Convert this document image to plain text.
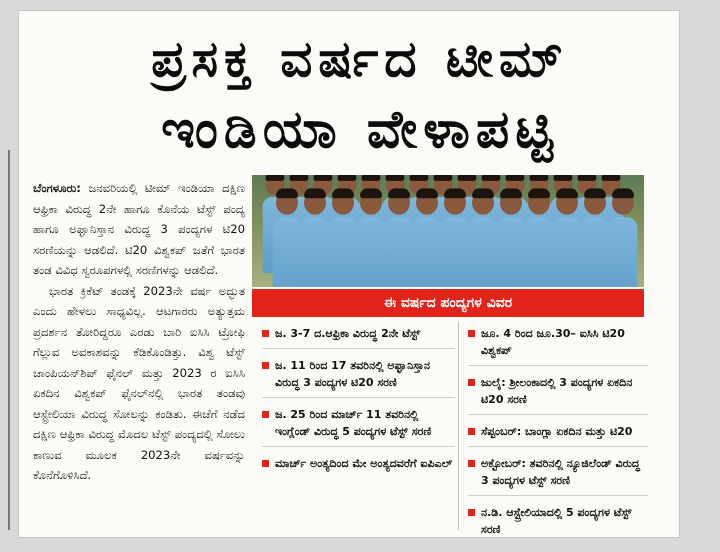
ಪ್ರಸಕ್ತ ವರ್ಷದ ಟೀಮ್
ಇಂಡಿಯಾ ವೇಳಾಪಟ್ಟಿ

ಬೆಂಗಳೂರು: ಜನವರಿಯಲ್ಲಿ ಟೀಮ್ ಇಂಡಿಯಾ ದಕ್ಷಿಣ ಆಫ್ರಿಕಾ ವಿರುದ್ಧ 2ನೇ ಹಾಗೂ ಕೊನೆಯ ಟೆಸ್ಟ್ ಪಂದ್ಯ ಹಾಗೂ ಅಫ್ಘಾನಿಸ್ತಾನ ವಿರುದ್ಧ 3 ಪಂದ್ಯಗಳ ಟಿ20 ಸರಣಿಯನ್ನು ಆಡಲಿದೆ. ಟಿ20 ವಿಶ್ವಕಪ್ ಜತೆಗೆ ಭಾರತ ತಂಡ ವಿವಿಧ ಸ್ವರೂಪಗಳಲ್ಲಿ ಸರಣಿಗಳನ್ನು ಆಡಲಿದೆ.

ಭಾರತ ಕ್ರಿಕೆಟ್ ತಂಡಕ್ಕೆ 2023ನೇ ವರ್ಷ ಅದ್ಭುತ ಎಂದು ಹೇಳಲು ಸಾಧ್ಯವಿಲ್ಲ. ಆಟಗಾರರು ಅತ್ಯುತ್ತಮ ಪ್ರದರ್ಶನ ತೋರಿದ್ದರೂ ಎರಡು ಬಾರಿ ಐಸಿಸಿ ಟ್ರೋಫಿ ಗೆಲ್ಲುವ ಅವಕಾಶವನ್ನು ಕೆಡಿಕೊಂಡಿತ್ತು. ವಿಶ್ವ ಟೆಸ್ಟ್ ಚಾಂಪಿಯನ್‌ಶಿಪ್ ಫೈನಲ್ ಮತ್ತು 2023 ರ ಐಸಿಸಿ ಏಕದಿನ ವಿಶ್ವಕಪ್ ಫೈನಲ್‌ನಲ್ಲಿ ಭಾರತ ತಂಡವು ಆಸ್ಟ್ರೇಲಿಯಾ ವಿರುದ್ಧ ಸೋಲನ್ನು ಕಂಡಿತು. ಈಚೆಗೆ ನಡೆದ ದಕ್ಷಿಣ ಆಫ್ರಿಕಾ ವಿರುದ್ಧ ಮೊದಲ ಟೆಸ್ಟ್ ಪಂದ್ಯದಲ್ಲಿ ಸೋಲು ಕಾಣುವ ಮೂಲಕ 2023ನೇ ವರ್ಷವನ್ನು ಕೊನೆಗೊಳಿಸಿದೆ.

ಈ ವರ್ಷದ ಪಂದ್ಯಗಳ ವಿವರ
ಜ. 3-7 ದ.ಆಫ್ರಿಕಾ ವಿರುದ್ಧ 2ನೇ ಟೆಸ್ಟ್
ಜ. 11 ರಿಂದ 17 ತವರಿನಲ್ಲಿ ಅಫ್ಘಾನಿಸ್ತಾನ ವಿರುದ್ಧ 3 ಪಂದ್ಯಗಳ ಟಿ20 ಸರಣಿ
ಜ. 25 ರಿಂದ ಮಾರ್ಚ್ 11 ತವರಿನಲ್ಲಿ ಇಂಗ್ಲೆಂಡ್ ವಿರುದ್ಧ 5 ಪಂದ್ಯಗಳ ಟೆಸ್ಟ್ ಸರಣಿ
ಮಾರ್ಚ್ ಅಂತ್ಯದಿಂದ ಮೇ ಅಂತ್ಯದವರೆಗೆ ಐಪಿಎಲ್
ಜೂ. 4 ರಿಂದ ಜೂ.30– ಐಸಿಸಿ ಟಿ20 ವಿಶ್ವಕಪ್
ಜುಲೈ: ಶ್ರೀಲಂಕಾದಲ್ಲಿ 3 ಪಂದ್ಯಗಳ ಏಕದಿನ ಟಿ20 ಸರಣಿ
ಸೆಪ್ಟಂಬರ್: ಬಾಂಗ್ಲಾ ಏಕದಿನ ಮತ್ತು ಟಿ20
ಅಕ್ಟೋಬರ್: ತವರಿನಲ್ಲಿ ನ್ಯೂಜಿಲೆಂಡ್ ವಿರುದ್ಧ 3 ಪಂದ್ಯಗಳ ಟೆಸ್ಟ್ ಸರಣಿ
ನ.ಡಿ. ಆಸ್ಟ್ರೇಲಿಯಾದಲ್ಲಿ 5 ಪಂದ್ಯಗಳ ಟೆಸ್ಟ್ ಸರಣಿ
